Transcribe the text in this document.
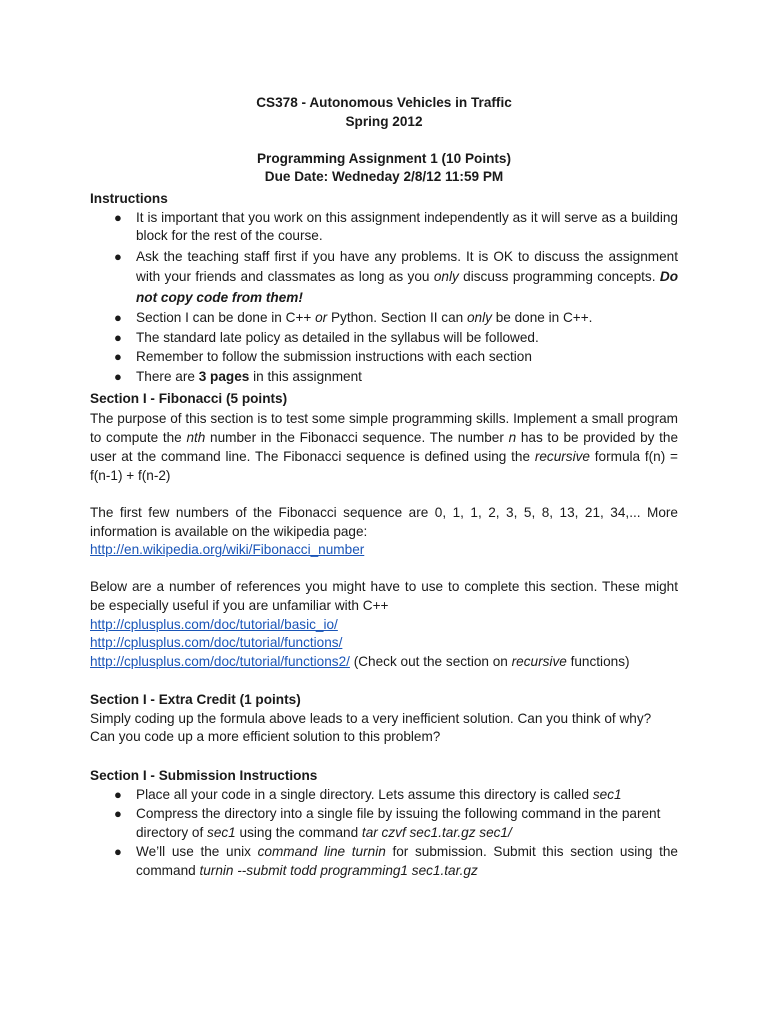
CS378 - Autonomous Vehicles in Traffic

Spring 2012

Programming Assignment 1 (10 Points)

Due Date: Wedneday 2/8/12 11:59 PM

Instructions

● It is important that you work on this assignment independently as it will serve as a building block for the rest of the course.
● Ask the teaching staff first if you have any problems. It is OK to discuss the assignment with your friends and classmates as long as you only discuss programming concepts. Do not copy code from them!
● Section I can be done in C++ or Python. Section II can only be done in C++.
● The standard late policy as detailed in the syllabus will be followed.
● Remember to follow the submission instructions with each section
● There are 3 pages in this assignment

Section I - Fibonacci (5 points)

The purpose of this section is to test some simple programming skills. Implement a small program to compute the nth number in the Fibonacci sequence. The number n has to be provided by the user at the command line. The Fibonacci sequence is defined using the recursive formula f(n) = f(n-1) + f(n-2)

The first few numbers of the Fibonacci sequence are 0, 1, 1, 2, 3, 5, 8, 13, 21, 34,... More information is available on the wikipedia page:

http://en.wikipedia.org/wiki/Fibonacci_number

Below are a number of references you might have to use to complete this section. These might be especially useful if you are unfamiliar with C++

http://cplusplus.com/doc/tutorial/basic_io/

http://cplusplus.com/doc/tutorial/functions/

http://cplusplus.com/doc/tutorial/functions2/ (Check out the section on recursive functions)

Section I - Extra Credit (1 points)

Simply coding up the formula above leads to a very inefficient solution. Can you think of why? Can you code up a more efficient solution to this problem?

Section I - Submission Instructions

● Place all your code in a single directory. Lets assume this directory is called sec1
● Compress the directory into a single file by issuing the following command in the parent directory of sec1 using the command tar czvf sec1.tar.gz sec1/
● We’ll use the unix command line turnin for submission. Submit this section using the command turnin --submit todd programming1 sec1.tar.gz
